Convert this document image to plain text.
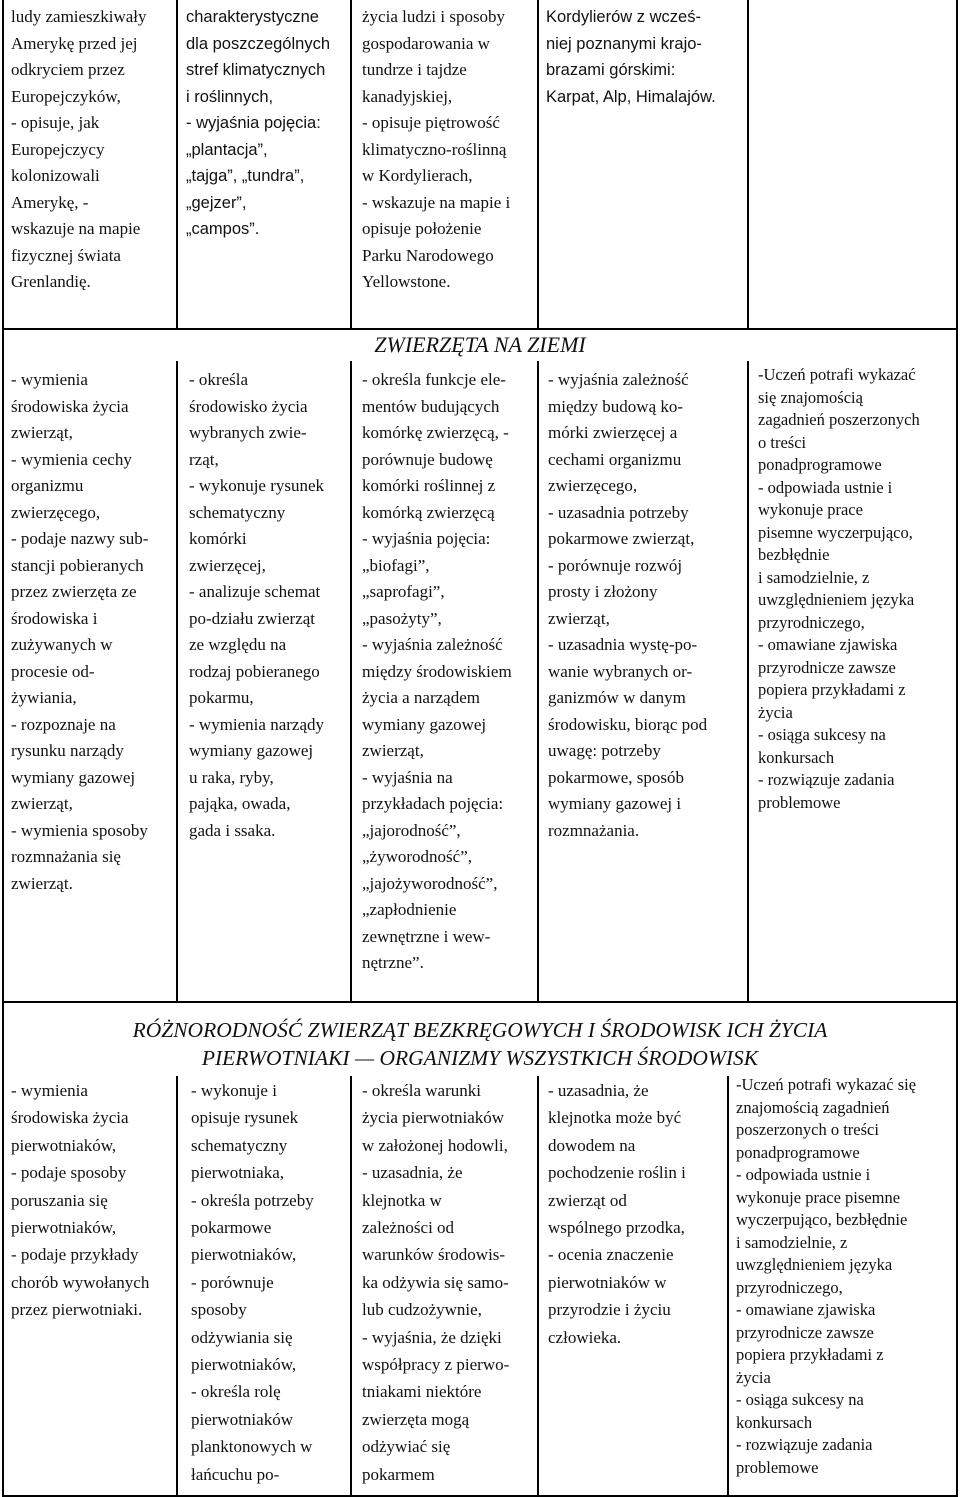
ludy zamieszkiwały
Amerykę przed jej
odkryciem przez
Europejczyków,
- opisuje, jak
Europejczycy
kolonizowali
Amerykę, -
wskazuje na mapie
fizycznej świata
Grenlandię.
charakterystyczne
dla poszczególnych
stref klimatycznych
i roślinnych,
- wyjaśnia pojęcia:
„plantacja”,
„tajga”, „tundra”,
„gejzer”,
„campos”.
życia ludzi i sposoby
gospodarowania w
tundrze i tajdze
kanadyjskiej,
- opisuje piętrowość
klimatyczno-roślinną
w Kordylierach,
- wskazuje na mapie i
opisuje położenie
Parku Narodowego
Yellowstone.
Kordylierów z wcześ-
niej poznanymi krajo-
brazami górskimi:
Karpat, Alp, Himalajów.
ZWIERZĘTA NA ZIEMI
- wymienia
środowiska życia
zwierząt,
- wymienia cechy
organizmu
zwierzęcego,
- podaje nazwy sub-
stancji pobieranych
przez zwierzęta ze
środowiska i
zużywanych w
procesie od-
żywiania,
- rozpoznaje na
rysunku narządy
wymiany gazowej
zwierząt,
- wymienia sposoby
rozmnażania się
zwierząt.
- określa
środowisko życia
wybranych zwie-
rząt,
- wykonuje rysunek
schematyczny
komórki
zwierzęcej,
- analizuje schemat
po-działu zwierząt
ze względu na
rodzaj pobieranego
pokarmu,
- wymienia narządy
wymiany gazowej
u raka, ryby,
pająka, owada,
gada i ssaka.
- określa funkcje ele-
mentów budujących
komórkę zwierzęcą, -
porównuje budowę
komórki roślinnej z
komórką zwierzęcą
- wyjaśnia pojęcia:
„biofagi”,
„saprofagi”,
„pasożyty”,
- wyjaśnia zależność
między środowiskiem
życia a narządem
wymiany gazowej
zwierząt,
- wyjaśnia na
przykładach pojęcia:
„jajorodność”,
„żyworodność”,
„jajożyworodność”,
„zapłodnienie
zewnętrzne i wew-
nętrzne”.
- wyjaśnia zależność
między budową ko-
mórki zwierzęcej a
cechami organizmu
zwierzęcego,
- uzasadnia potrzeby
pokarmowe zwierząt,
- porównuje rozwój
prosty i złożony
zwierząt,
- uzasadnia wystę-po-
wanie wybranych or-
ganizmów w danym
środowisku, biorąc pod
uwagę: potrzeby
pokarmowe, sposób
wymiany gazowej i
rozmnażania.
-Uczeń potrafi wykazać
się znajomością
zagadnień poszerzonych
o treści
ponadprogramowe
- odpowiada ustnie i
wykonuje prace
pisemne wyczerpująco,
bezbłędnie
i samodzielnie, z
uwzględnieniem języka
przyrodniczego,
- omawiane zjawiska
przyrodnicze zawsze
popiera przykładami z
życia
- osiąga sukcesy na
konkursach
- rozwiązuje zadania
problemowe
RÓŻNORODNOŚĆ ZWIERZĄT BEZKRĘGOWYCH I ŚRODOWISK ICH ŻYCIA
PIERWOTNIAKI — ORGANIZMY WSZYSTKICH ŚRODOWISK
- wymienia
środowiska życia
pierwotniaków,
- podaje sposoby
poruszania się
pierwotniaków,
- podaje przykłady
chorób wywołanych
przez pierwotniaki.
- wykonuje i
opisuje rysunek
schematyczny
pierwotniaka,
- określa potrzeby
pokarmowe
pierwotniaków,
- porównuje
sposoby
odżywiania się
pierwotniaków,
- określa rolę
pierwotniaków
planktonowych w
łańcuchu po-
- określa warunki
życia pierwotniaków
w założonej hodowli,
- uzasadnia, że
klejnotka w
zależności od
warunków środowis-
ka odżywia się samo-
lub cudzożywnie,
- wyjaśnia, że dzięki
współpracy z pierwo-
tniakami niektóre
zwierzęta mogą
odżywiać się
pokarmem
- uzasadnia, że
klejnotka może być
dowodem na
pochodzenie roślin i
zwierząt od
wspólnego przodka,
- ocenia znaczenie
pierwotniaków w
przyrodzie i życiu
człowieka.
-Uczeń potrafi wykazać się
znajomością zagadnień
poszerzonych o treści
ponadprogramowe
- odpowiada ustnie i
wykonuje prace pisemne
wyczerpująco, bezbłędnie
i samodzielnie, z
uwzględnieniem języka
przyrodniczego,
- omawiane zjawiska
przyrodnicze zawsze
popiera przykładami z
życia
- osiąga sukcesy na
konkursach
- rozwiązuje zadania
problemowe
